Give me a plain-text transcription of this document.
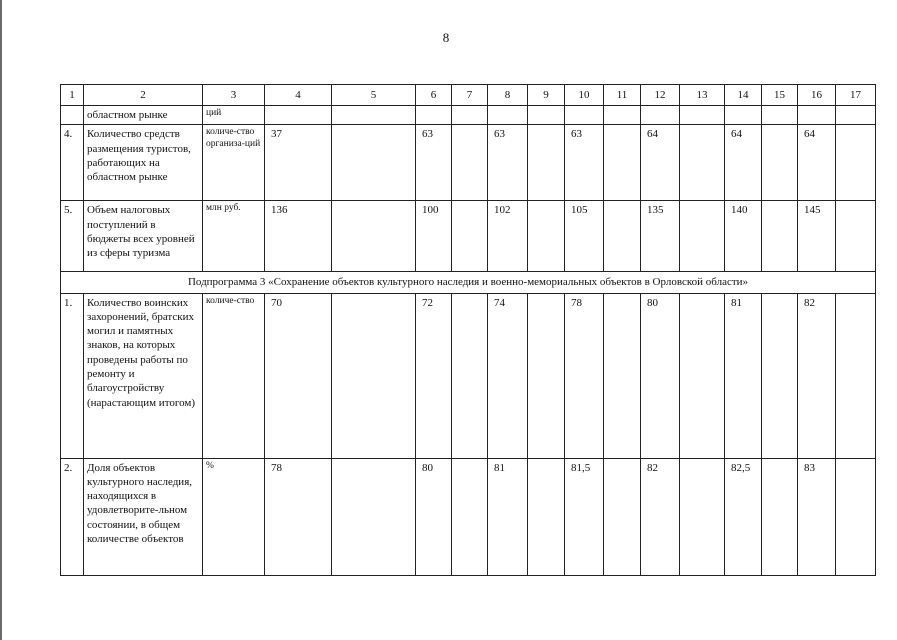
8
1	2	3	4	5	6	7	8	9	10	11	12	13	14	15	16	17
	областном рынке	ций														
4.	Количество средств размещения туристов, работающих на областном рынке	количе-ство организа-ций	37		63		63		63		64		64		64	
5.	Объем налоговых поступлений в бюджеты всех уровней из сферы туризма	млн руб.	136		100		102		105		135		140		145	
Подпрограмма 3 «Сохранение объектов культурного наследия и военно-мемориальных объектов в Орловской области»																
1.	Количество воинских захоронений, братских могил и памятных знаков, на которых проведены работы по ремонту и благоустройству (нарастающим итогом)	количе-ство	70		72		74		78		80		81		82	
2.	Доля объектов культурного наследия, находящихся в удовлетворите-льном состоянии, в общем количестве объектов	%	78		80		81		81,5		82		82,5		83	
